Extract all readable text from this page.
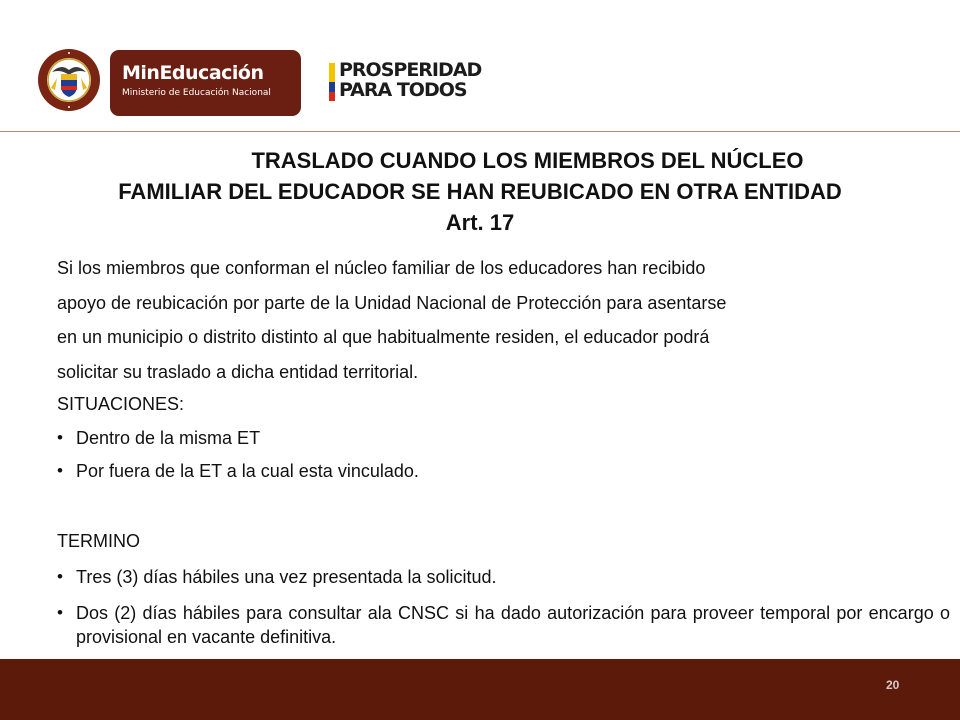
MinEducación
Ministerio de Educación Nacional
PROSPERIDAD
PARA TODOS
TRASLADO CUANDO LOS MIEMBROS DEL NÚCLEO
FAMILIAR DEL EDUCADOR SE HAN REUBICADO EN OTRA ENTIDAD
Art. 17
Si los miembros que conforman el núcleo familiar de los educadores han recibido
apoyo de reubicación por parte de la Unidad Nacional de Protección para asentarse
en un municipio o distrito distinto al que habitualmente residen, el educador podrá
solicitar su traslado a dicha entidad territorial.
SITUACIONES:
• Dentro de la misma ET
• Por fuera de la ET a la cual esta vinculado.
TERMINO
• Tres (3) días hábiles una vez presentada la solicitud.
• Dos (2) días hábiles para consultar ala CNSC si ha dado autorización para proveer temporal por encargo o provisional en vacante definitiva.
20
